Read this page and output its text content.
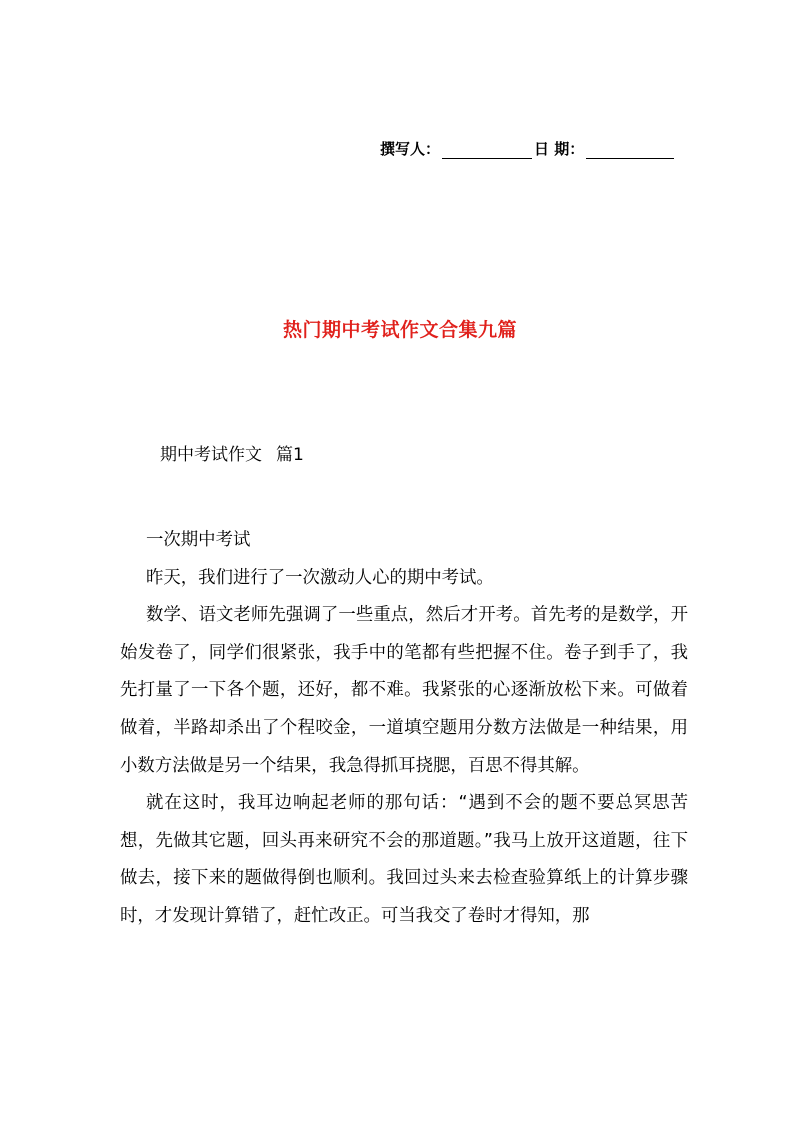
撰写人：	日 期：
热门期中考试作文合集九篇
期中考试作文 篇1

一次期中考试

昨天，我们进行了一次激动人心的期中考试。

数学、语文老师先强调了一些重点，然后才开考。首先考的是数学，开始发卷了，同学们很紧张，我手中的笔都有些把握不住。卷子到手了，我先打量了一下各个题，还好，都不难。我紧张的心逐渐放松下来。可做着做着，半路却杀出了个程咬金，一道填空题用分数方法做是一种结果，用小数方法做是另一个结果，我急得抓耳挠腮，百思不得其解。

就在这时，我耳边响起老师的那句话：“遇到不会的题不要总冥思苦想，先做其它题，回头再来研究不会的那道题。”我马上放开这道题，往下做去，接下来的题做得倒也顺利。我回过头来去检查验算纸上的计算步骤时，才发现计算错了，赶忙改正。可当我交了卷时才得知，那
